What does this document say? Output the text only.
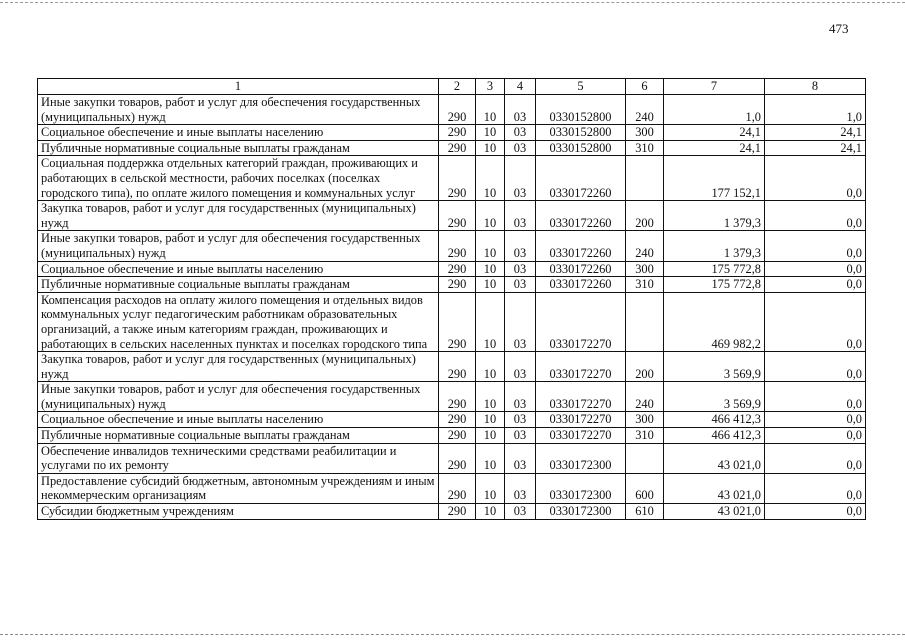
473
1	2	3	4	5	6	7	8
Иные закупки товаров, работ и услуг для обеспечения государственных (муниципальных) нужд	290	10	03	0330152800	240	1,0	1,0
Социальное обеспечение и иные выплаты населению	290	10	03	0330152800	300	24,1	24,1
Публичные нормативные социальные выплаты гражданам	290	10	03	0330152800	310	24,1	24,1
Социальная поддержка отдельных категорий граждан, проживающих и работающих в сельской местности, рабочих поселках (поселках городского типа), по оплате жилого помещения и коммунальных услуг	290	10	03	0330172260		177 152,1	0,0
Закупка товаров, работ и услуг для государственных (муниципальных) нужд	290	10	03	0330172260	200	1 379,3	0,0
Иные закупки товаров, работ и услуг для обеспечения государственных (муниципальных) нужд	290	10	03	0330172260	240	1 379,3	0,0
Социальное обеспечение и иные выплаты населению	290	10	03	0330172260	300	175 772,8	0,0
Публичные нормативные социальные выплаты гражданам	290	10	03	0330172260	310	175 772,8	0,0
Компенсация расходов на оплату жилого помещения и отдельных видов коммунальных услуг педагогическим работникам образовательных организаций, а также иным категориям граждан, проживающих и работающих в сельских населенных пунктах и поселках городского типа	290	10	03	0330172270		469 982,2	0,0
Закупка товаров, работ и услуг для государственных (муниципальных) нужд	290	10	03	0330172270	200	3 569,9	0,0
Иные закупки товаров, работ и услуг для обеспечения государственных (муниципальных) нужд	290	10	03	0330172270	240	3 569,9	0,0
Социальное обеспечение и иные выплаты населению	290	10	03	0330172270	300	466 412,3	0,0
Публичные нормативные социальные выплаты гражданам	290	10	03	0330172270	310	466 412,3	0,0
Обеспечение инвалидов техническими средствами реабилитации и услугами по их ремонту	290	10	03	0330172300		43 021,0	0,0
Предоставление субсидий бюджетным, автономным учреждениям и иным некоммерческим организациям	290	10	03	0330172300	600	43 021,0	0,0
Субсидии бюджетным учреждениям	290	10	03	0330172300	610	43 021,0	0,0
